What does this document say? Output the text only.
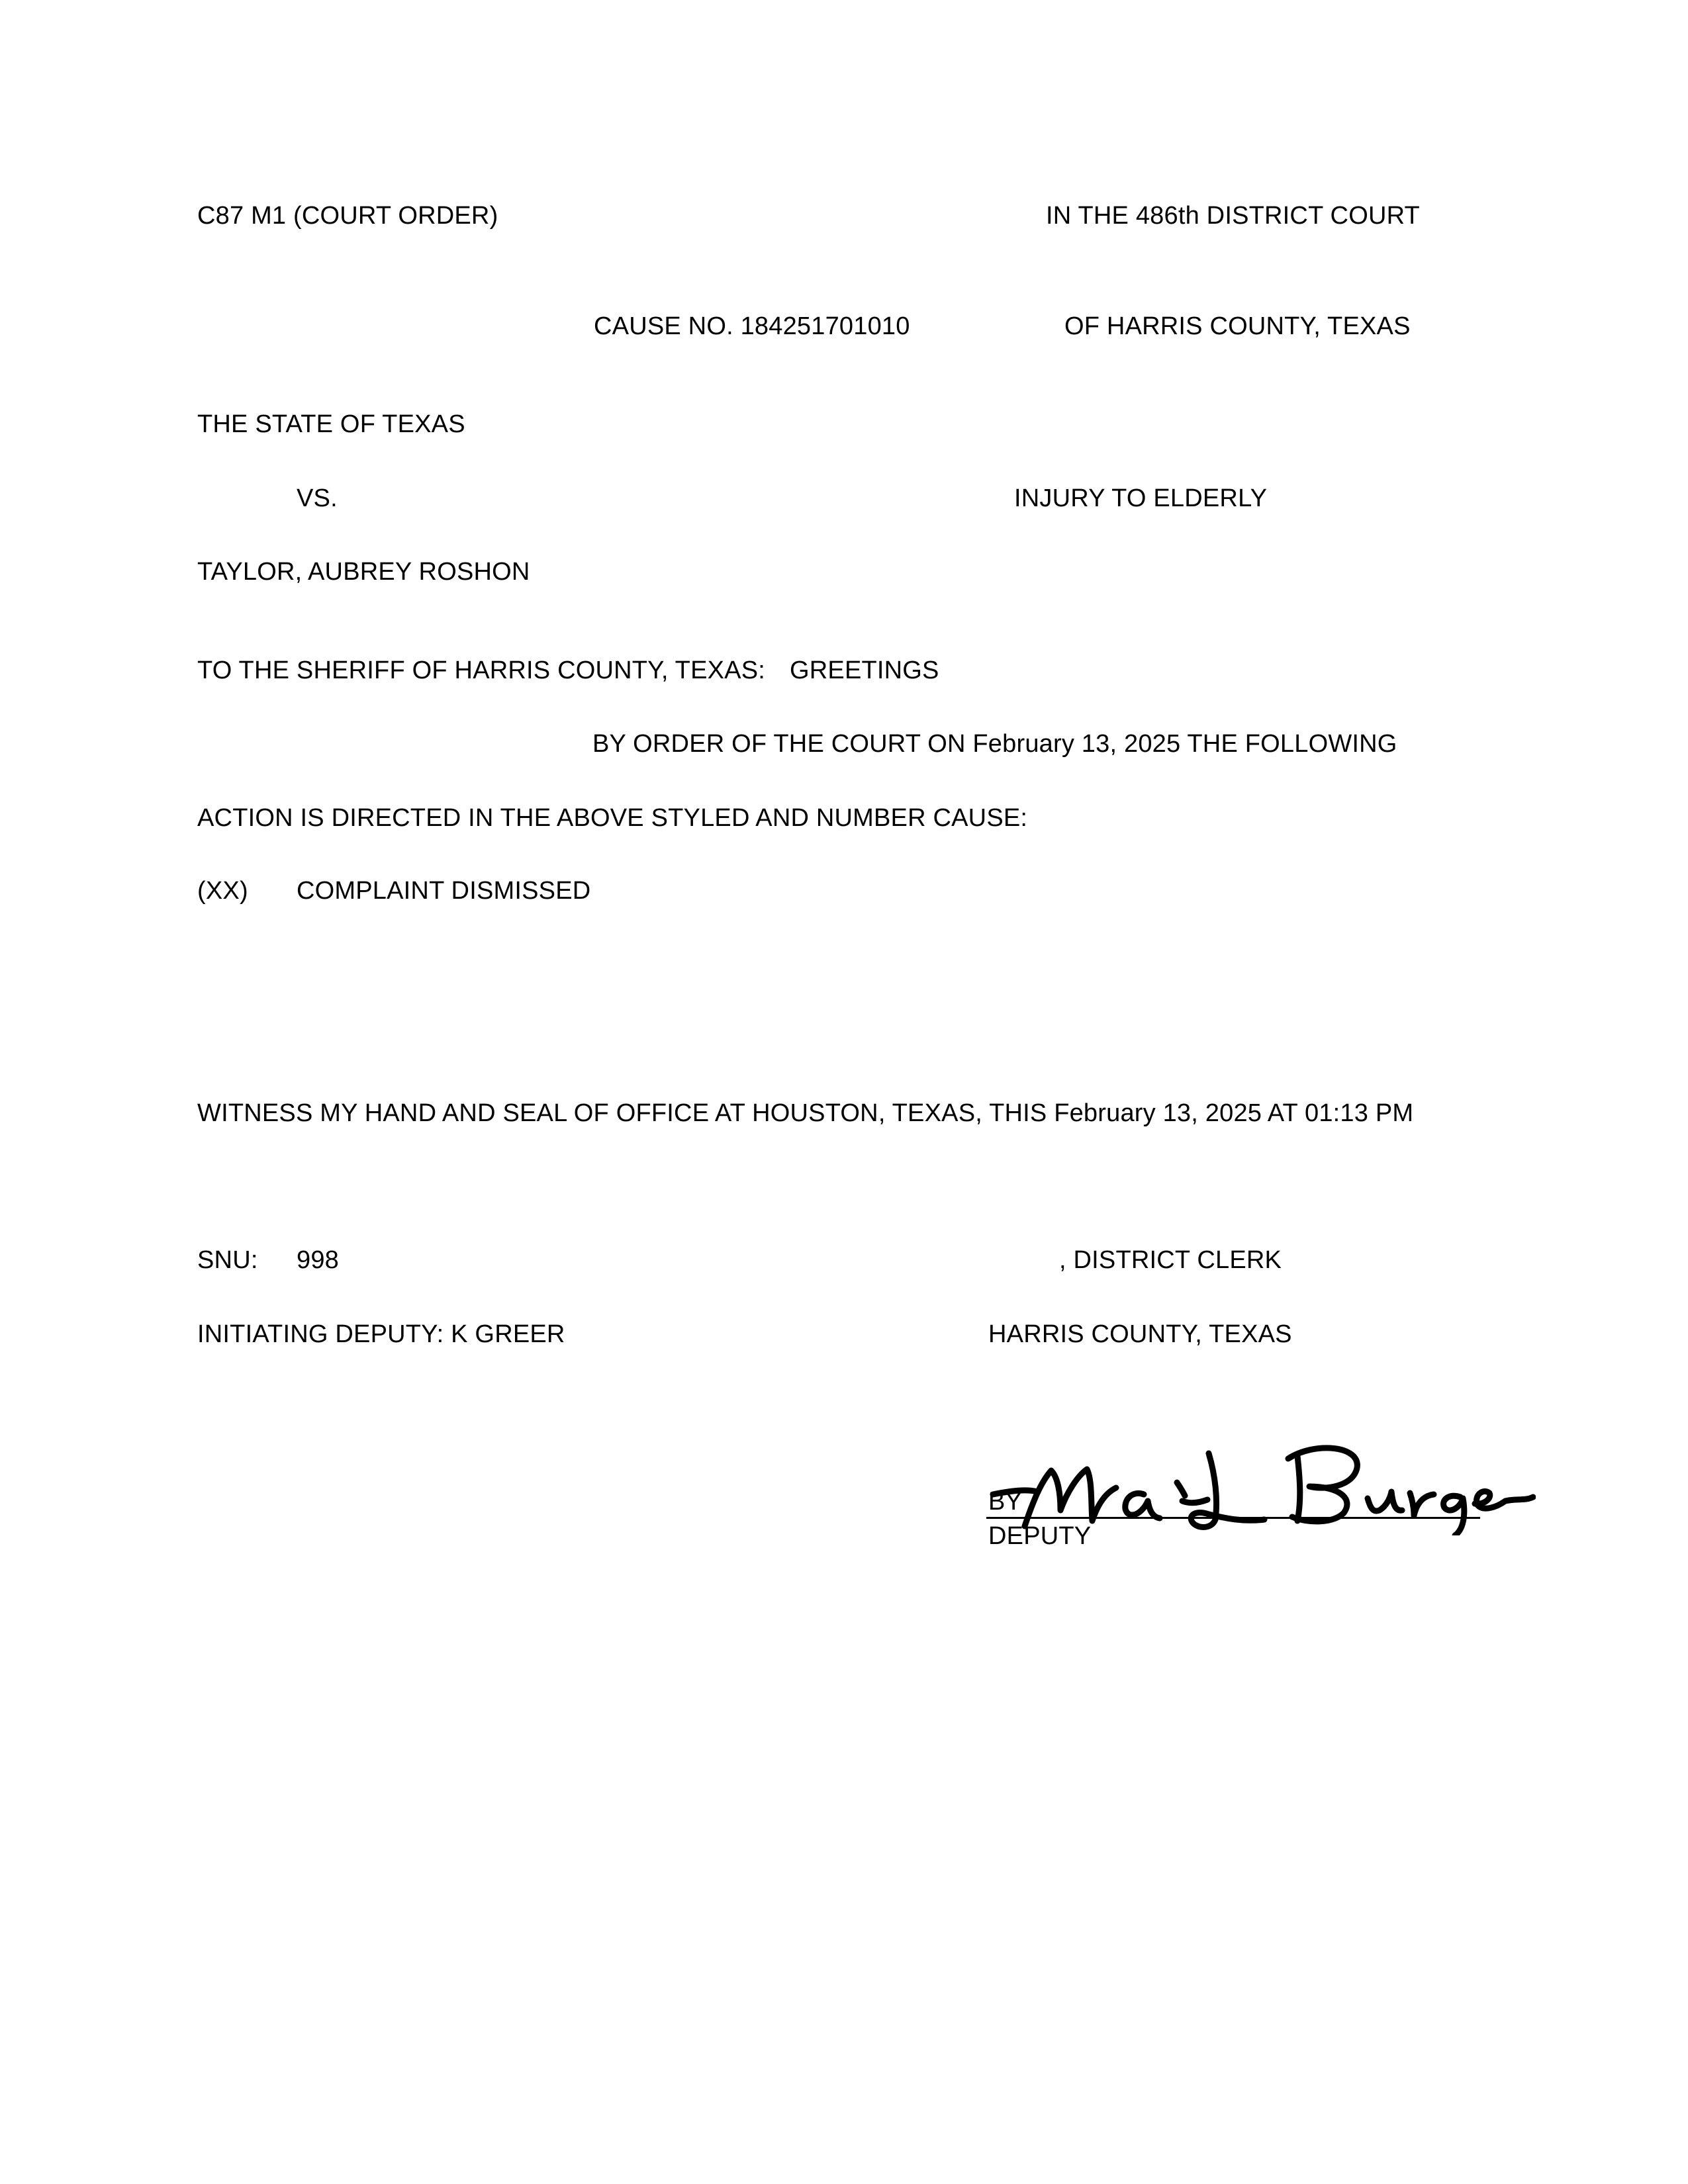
C87 M1 (COURT ORDER)	IN THE 486th DISTRICT COURT
CAUSE NO. 184251701010	OF HARRIS COUNTY, TEXAS
THE STATE OF TEXAS
VS.	INJURY TO ELDERLY
TAYLOR, AUBREY ROSHON
TO THE SHERIFF OF HARRIS COUNTY, TEXAS: GREETINGS
BY ORDER OF THE COURT ON February 13, 2025 THE FOLLOWING
ACTION IS DIRECTED IN THE ABOVE STYLED AND NUMBER CAUSE:
(XX) COMPLAINT DISMISSED
WITNESS MY HAND AND SEAL OF OFFICE AT HOUSTON, TEXAS, THIS February 13, 2025 AT 01:13 PM
SNU: 998	, DISTRICT CLERK
INITIATING DEPUTY: K GREER	HARRIS COUNTY, TEXAS
BY
DEPUTY
